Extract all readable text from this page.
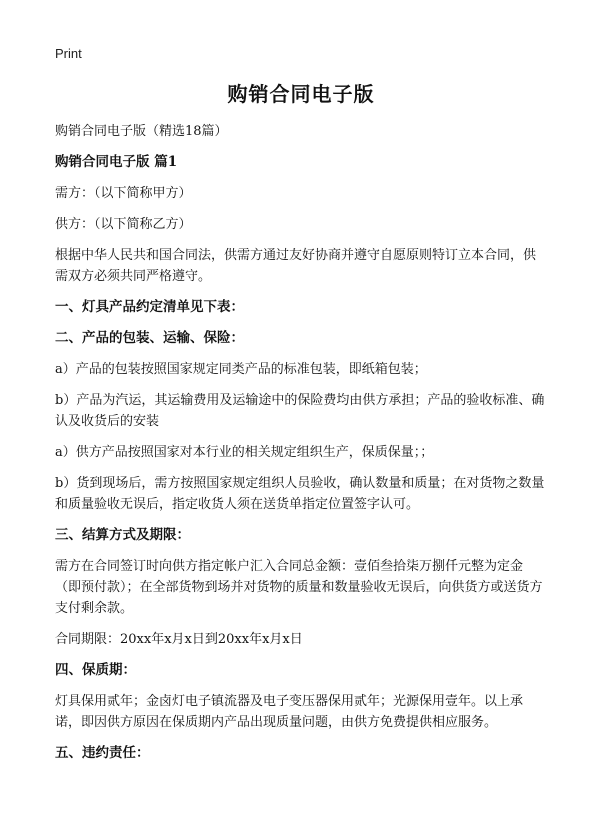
Print
购销合同电子版
购销合同电子版（精选18篇）
购销合同电子版 篇1
需方：（以下简称甲方）
供方：（以下简称乙方）
根据中华人民共和国合同法，供需方通过友好协商并遵守自愿原则特订立本合同，供需双方必须共同严格遵守。
一、灯具产品约定清单见下表：
二、产品的包装、运输、保险：
a）产品的包装按照国家规定同类产品的标准包装，即纸箱包装；
b）产品为汽运，其运输费用及运输途中的保险费均由供方承担；产品的验收标准、确认及收货后的安装
a）供方产品按照国家对本行业的相关规定组织生产，保质保量；；
b）货到现场后，需方按照国家规定组织人员验收，确认数量和质量；在对货物之数量和质量验收无误后，指定收货人须在送货单指定位置签字认可。
三、结算方式及期限：
需方在合同签订时向供方指定帐户汇入合同总金额：壹佰叁拾柒万捌仟元整为定金（即预付款）；在全部货物到场并对货物的质量和数量验收无误后，向供货方或送货方支付剩余款。
合同期限：20xx年x月x日到20xx年x月x日
四、保质期：
灯具保用贰年；金卤灯电子镇流器及电子变压器保用贰年；光源保用壹年。以上承诺，即因供方原因在保质期内产品出现质量问题，由供方免费提供相应服务。
五、违约责任：
